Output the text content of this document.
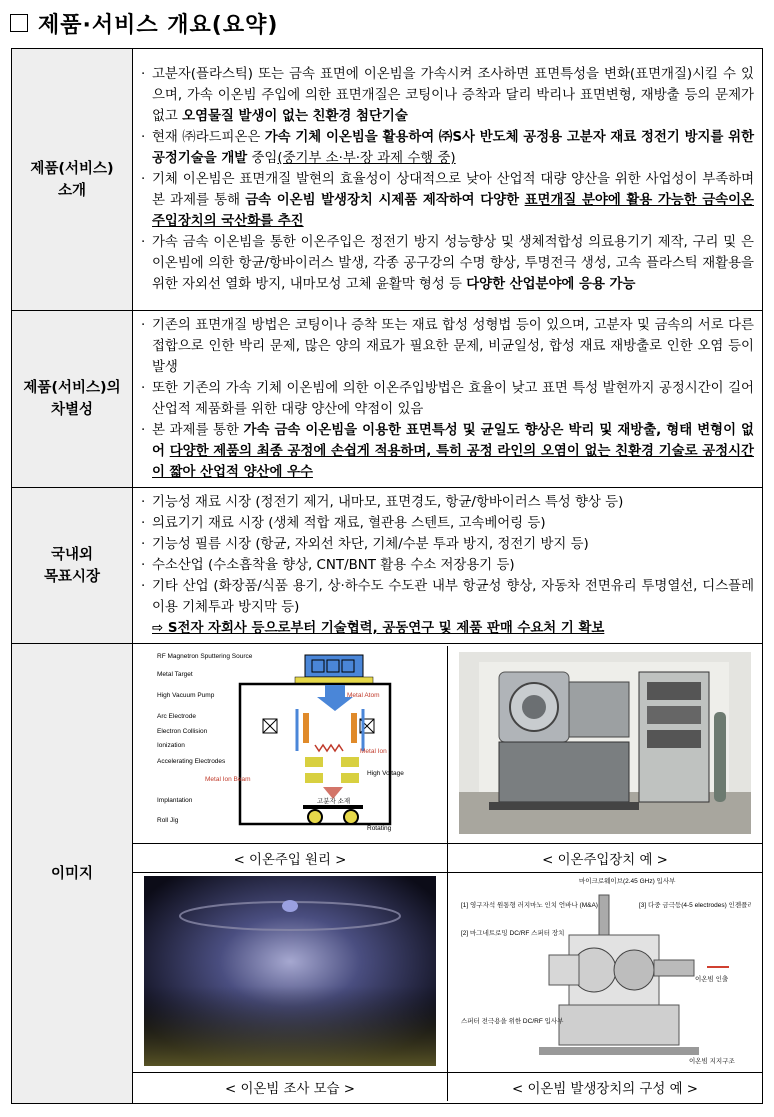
제품·서비스 개요(요약)
제품(서비스)
소개

· 고분자(플라스틱) 또는 금속 표면에 이온빔을 가속시켜 조사하면 표면특성을 변화(표면개질)시킬 수 있으며, 가속 이온빔 주입에 의한 표면개질은 코팅이나 증착과 달리 박리나 표면변형, 재방출 등의 문제가 없고 오염물질 발생이 없는 친환경 첨단기술
· 현재 ㈜라드피온은 가속 기체 이온빔을 활용하여 ㈜S사 반도체 공정용 고분자 재료 정전기 방지를 위한 공정기술을 개발 중임(중기부 소·부·장 과제 수행 중)
· 기체 이온빔은 표면개질 발현의 효율성이 상대적으로 낮아 산업적 대량 양산을 위한 사업성이 부족하며 본 과제를 통해 금속 이온빔 발생장치 시제품 제작하여 다양한 표면개질 분야에 활용 가능한 금속이온 주입장치의 국산화를 추진
· 가속 금속 이온빔을 통한 이온주입은 정전기 방지 성능향상 및 생체적합성 의료용기기 제작, 구리 및 은 이온빔에 의한 항균/항바이러스 발생, 각종 공구강의 수명 향상, 투명전극 생성, 고속 플라스틱 재활용을 위한 자외선 열화 방지, 내마모성 고체 윤활막 형성 등 다양한 산업분야에 응용 가능

제품(서비스)의
차별성

· 기존의 표면개질 방법은 코팅이나 증착 또는 재료 합성 성형법 등이 있으며, 고분자 및 금속의 서로 다른 접합으로 인한 박리 문제, 많은 양의 재료가 필요한 문제, 비균일성, 합성 재료 재방출로 인한 오염 등이 발생
· 또한 기존의 가속 기체 이온빔에 의한 이온주입방법은 효율이 낮고 표면 특성 발현까지 공정시간이 길어 산업적 제품화를 위한 대량 양산에 약점이 있음
· 본 과제를 통한 가속 금속 이온빔을 이용한 표면특성 및 균일도 향상은 박리 및 재방출, 형태 변형이 없어 다양한 제품의 최종 공정에 손쉽게 적용하며, 특히 공정 라인의 오염이 없는 친환경 기술로 공정시간이 짧아 산업적 양산에 우수

국내외
목표시장

· 기능성 재료 시장 (정전기 제거, 내마모, 표면경도, 항균/항바이러스 특성 향상 등)
· 의료기기 재료 시장 (생체 적합 재료, 혈관용 스텐트, 고속베어링 등)
· 기능성 필름 시장 (항균, 자외선 차단, 기체/수분 투과 방지, 정전기 방지 등)
· 수소산업 (수소흡착율 향상, CNT/BNT 활용 수소 저장용기 등)
· 기타 산업 (화장품/식품 용기, 상·하수도 수도관 내부 항균성 향상, 자동차 전면유리 투명열선, 디스플레이용 기체투과 방지막 등)
⇨ S전자 자회사 등으로부터 기술협력, 공동연구 및 제품 판매 수요처 기 확보

이미지	
RF Magnetron Sputtering Source
Metal Target
High Vacuum Pump
Arc Electrode
Electron Collision
Ionization
Accelerating Electrodes
Metal Ion Beam
Implantation
Roll Jig
Metal Atom
Metal Ion
High Voltage
고분자 소재
Rotating

< 이온주입 원리 >	< 이온주입장치 예 >

마이크로웨이브(2.45 GHz) 입사부
[1] 영구자석 원통형 러지마노 인치 언바나 (M&A)	[3] 다중 금극등(4-5 electrodes) 인젠플러
[2] 마그네트로밍 DC/RF 스퍼터 장치
이온빔 인출
스퍼터 전극용을 위한 DC/RF 입사부
이온빔 지지구조

< 이온빔 조사 모습 >	< 이온빔 발생장치의 구성 예 >
